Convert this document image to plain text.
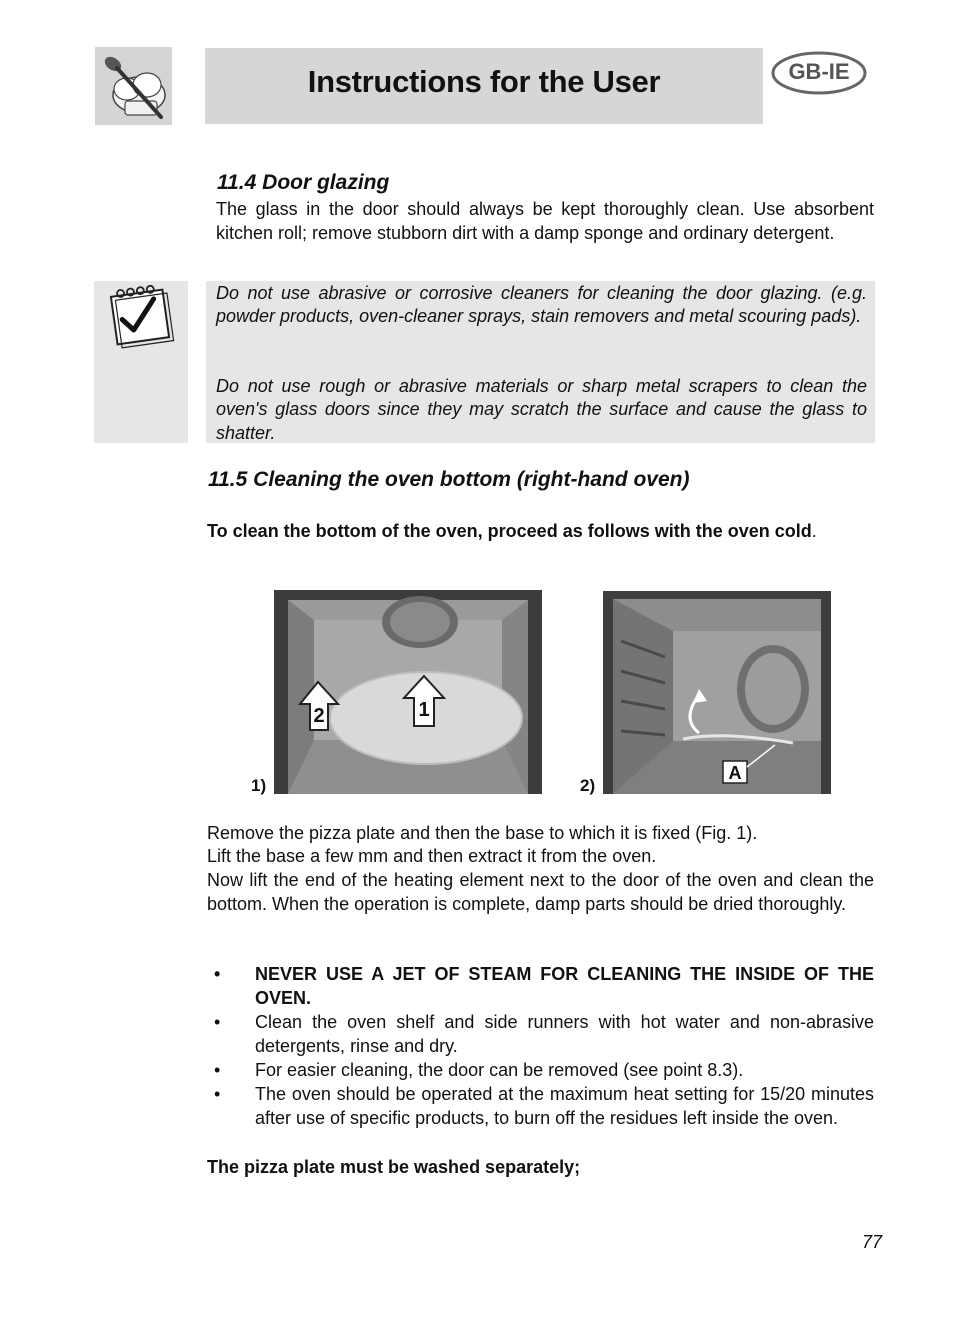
Instructions for the User	GB-IE
11.4 Door glazing
The glass in the door should always be kept thoroughly clean. Use absorbent kitchen roll; remove stubborn dirt with a damp sponge and ordinary detergent.
Do not use abrasive or corrosive cleaners for cleaning the door glazing. (e.g. powder products, oven-cleaner sprays, stain removers and metal scouring pads).
Do not use rough or abrasive materials or sharp metal scrapers to clean the oven's glass doors since they may scratch the surface and cause the glass to shatter.
11.5 Cleaning the oven bottom (right-hand oven)
To clean the bottom of the oven, proceed as follows with the oven cold.
1)
1
2
2)
A
Remove the pizza plate and then the base to which it is fixed (Fig. 1).
Lift the base a few mm and then extract it from the oven.
Now lift the end of the heating element next to the door of the oven and clean the bottom. When the operation is complete, damp parts should be dried thoroughly.
• NEVER USE A JET OF STEAM FOR CLEANING THE INSIDE OF THE OVEN.
• Clean the oven shelf and side runners with hot water and non-abrasive detergents, rinse and dry.
• For easier cleaning, the door can be removed (see point 8.3).
• The oven should be operated at the maximum heat setting for 15/20 minutes after use of specific products, to burn off the residues left inside the oven.
The pizza plate must be washed separately;
77
